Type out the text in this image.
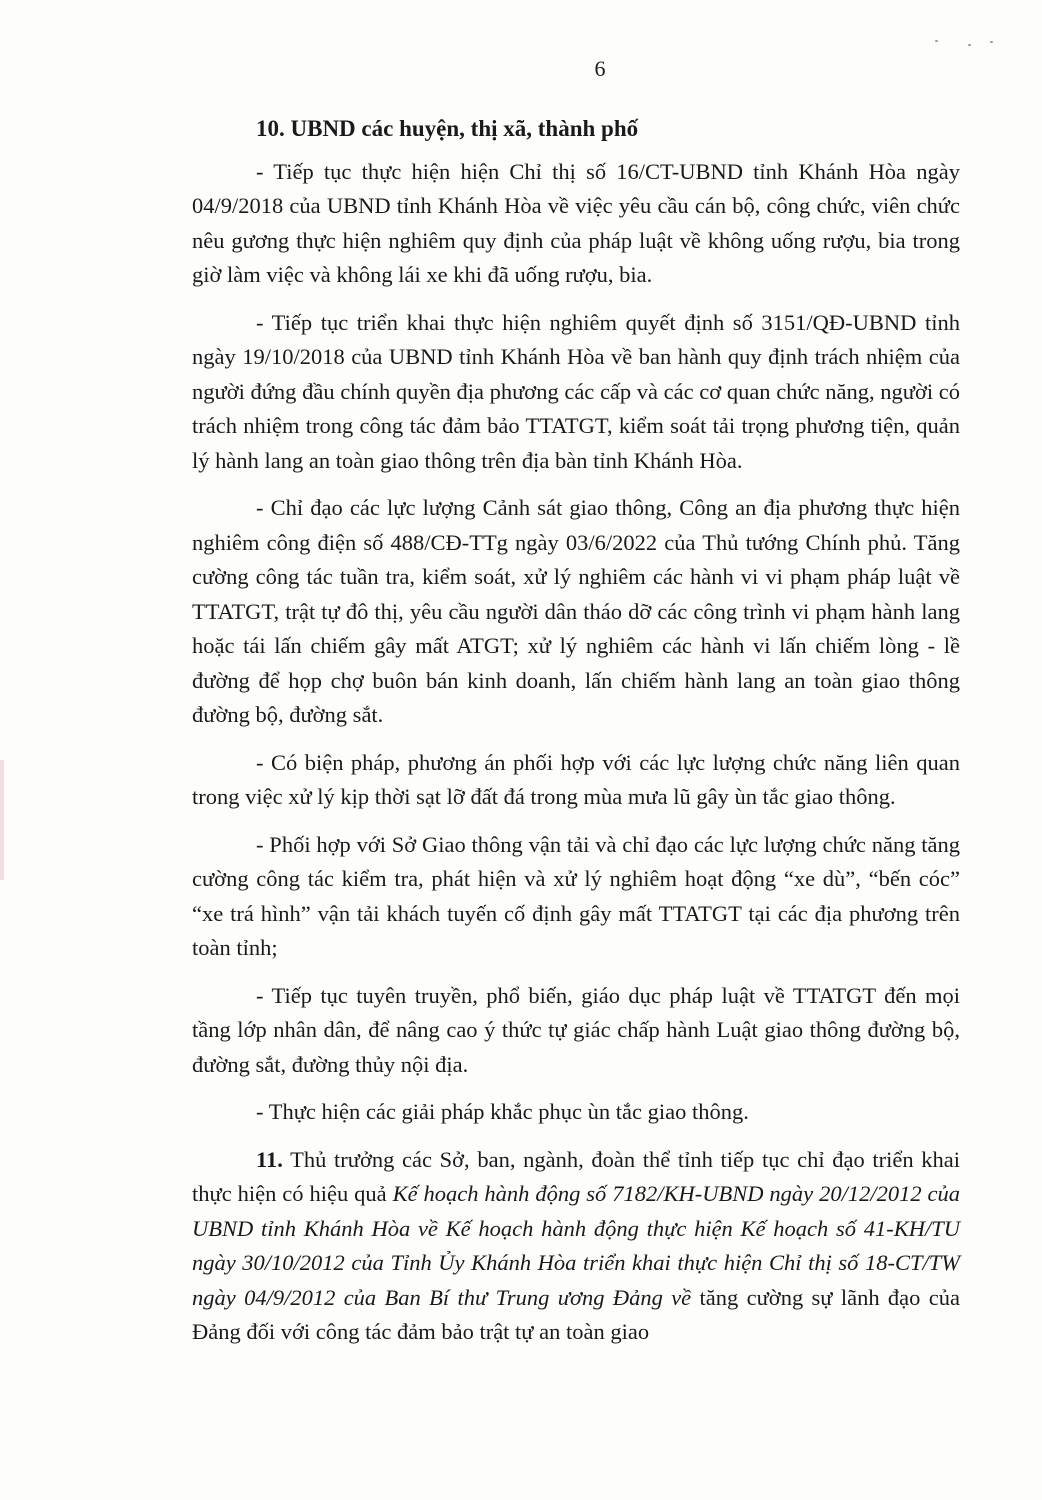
6

10. UBND các huyện, thị xã, thành phố

- Tiếp tục thực hiện hiện Chỉ thị số 16/CT-UBND tỉnh Khánh Hòa ngày 04/9/2018 của UBND tỉnh Khánh Hòa về việc yêu cầu cán bộ, công chức, viên chức nêu gương thực hiện nghiêm quy định của pháp luật về không uống rượu, bia trong giờ làm việc và không lái xe khi đã uống rượu, bia.

- Tiếp tục triển khai thực hiện nghiêm quyết định số 3151/QĐ-UBND tỉnh ngày 19/10/2018 của UBND tỉnh Khánh Hòa về ban hành quy định trách nhiệm của người đứng đầu chính quyền địa phương các cấp và các cơ quan chức năng, người có trách nhiệm trong công tác đảm bảo TTATGT, kiểm soát tải trọng phương tiện, quản lý hành lang an toàn giao thông trên địa bàn tỉnh Khánh Hòa.

- Chỉ đạo các lực lượng Cảnh sát giao thông, Công an địa phương thực hiện nghiêm công điện số 488/CĐ-TTg ngày 03/6/2022 của Thủ tướng Chính phủ. Tăng cường công tác tuần tra, kiểm soát, xử lý nghiêm các hành vi vi phạm pháp luật về TTATGT, trật tự đô thị, yêu cầu người dân tháo dỡ các công trình vi phạm hành lang hoặc tái lấn chiếm gây mất ATGT; xử lý nghiêm các hành vi lấn chiếm lòng - lề đường để họp chợ buôn bán kinh doanh, lấn chiếm hành lang an toàn giao thông đường bộ, đường sắt.

- Có biện pháp, phương án phối hợp với các lực lượng chức năng liên quan trong việc xử lý kịp thời sạt lỡ đất đá trong mùa mưa lũ gây ùn tắc giao thông.

- Phối hợp với Sở Giao thông vận tải và chỉ đạo các lực lượng chức năng tăng cường công tác kiểm tra, phát hiện và xử lý nghiêm hoạt động “xe dù”, “bến cóc” “xe trá hình” vận tải khách tuyến cố định gây mất TTATGT tại các địa phương trên toàn tỉnh;

- Tiếp tục tuyên truyền, phổ biến, giáo dục pháp luật về TTATGT đến mọi tầng lớp nhân dân, để nâng cao ý thức tự giác chấp hành Luật giao thông đường bộ, đường sắt, đường thủy nội địa.

- Thực hiện các giải pháp khắc phục ùn tắc giao thông.

11. Thủ trưởng các Sở, ban, ngành, đoàn thể tỉnh tiếp tục chỉ đạo triển khai thực hiện có hiệu quả Kế hoạch hành động số 7182/KH-UBND ngày 20/12/2012 của UBND tỉnh Khánh Hòa về Kế hoạch hành động thực hiện Kế hoạch số 41-KH/TU ngày 30/10/2012 của Tỉnh Ủy Khánh Hòa triển khai thực hiện Chỉ thị số 18-CT/TW ngày 04/9/2012 của Ban Bí thư Trung ương Đảng về tăng cường sự lãnh đạo của Đảng đối với công tác đảm bảo trật tự an toàn giao
